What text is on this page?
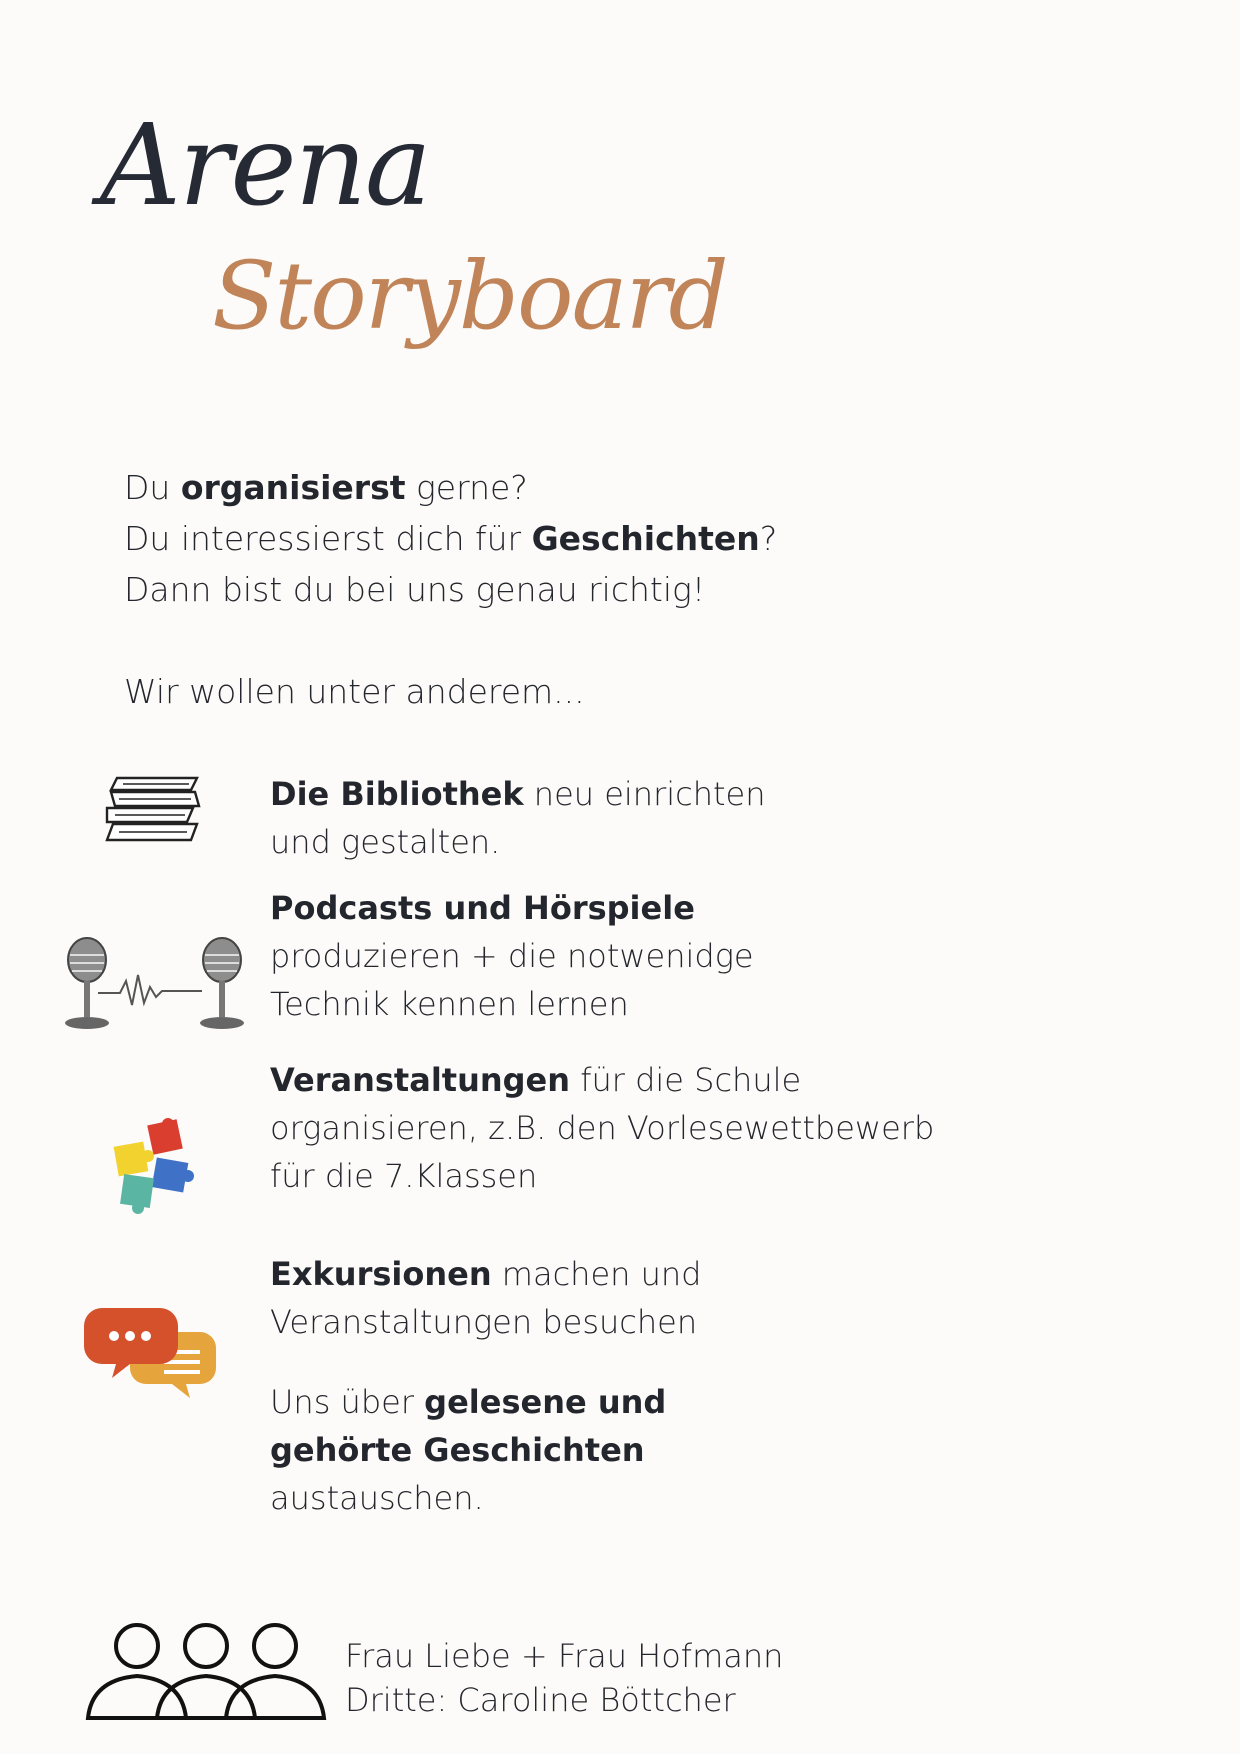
Arena
Storyboard
Du organisierst gerne?
Du interessierst dich für Geschichten?
Dann bist du bei uns genau richtig!
Wir wollen unter anderem...
Die Bibliothek neu einrichten
und gestalten.
Podcasts und Hörspiele
produzieren + die notwenidge
Technik kennen lernen
Veranstaltungen für die Schule
organisieren, z.B. den Vorlesewettbewerb
für die 7.Klassen
Exkursionen machen und
Veranstaltungen besuchen
Uns über gelesene und
gehörte Geschichten
austauschen.
Frau Liebe + Frau Hofmann
Dritte: Caroline Böttcher
